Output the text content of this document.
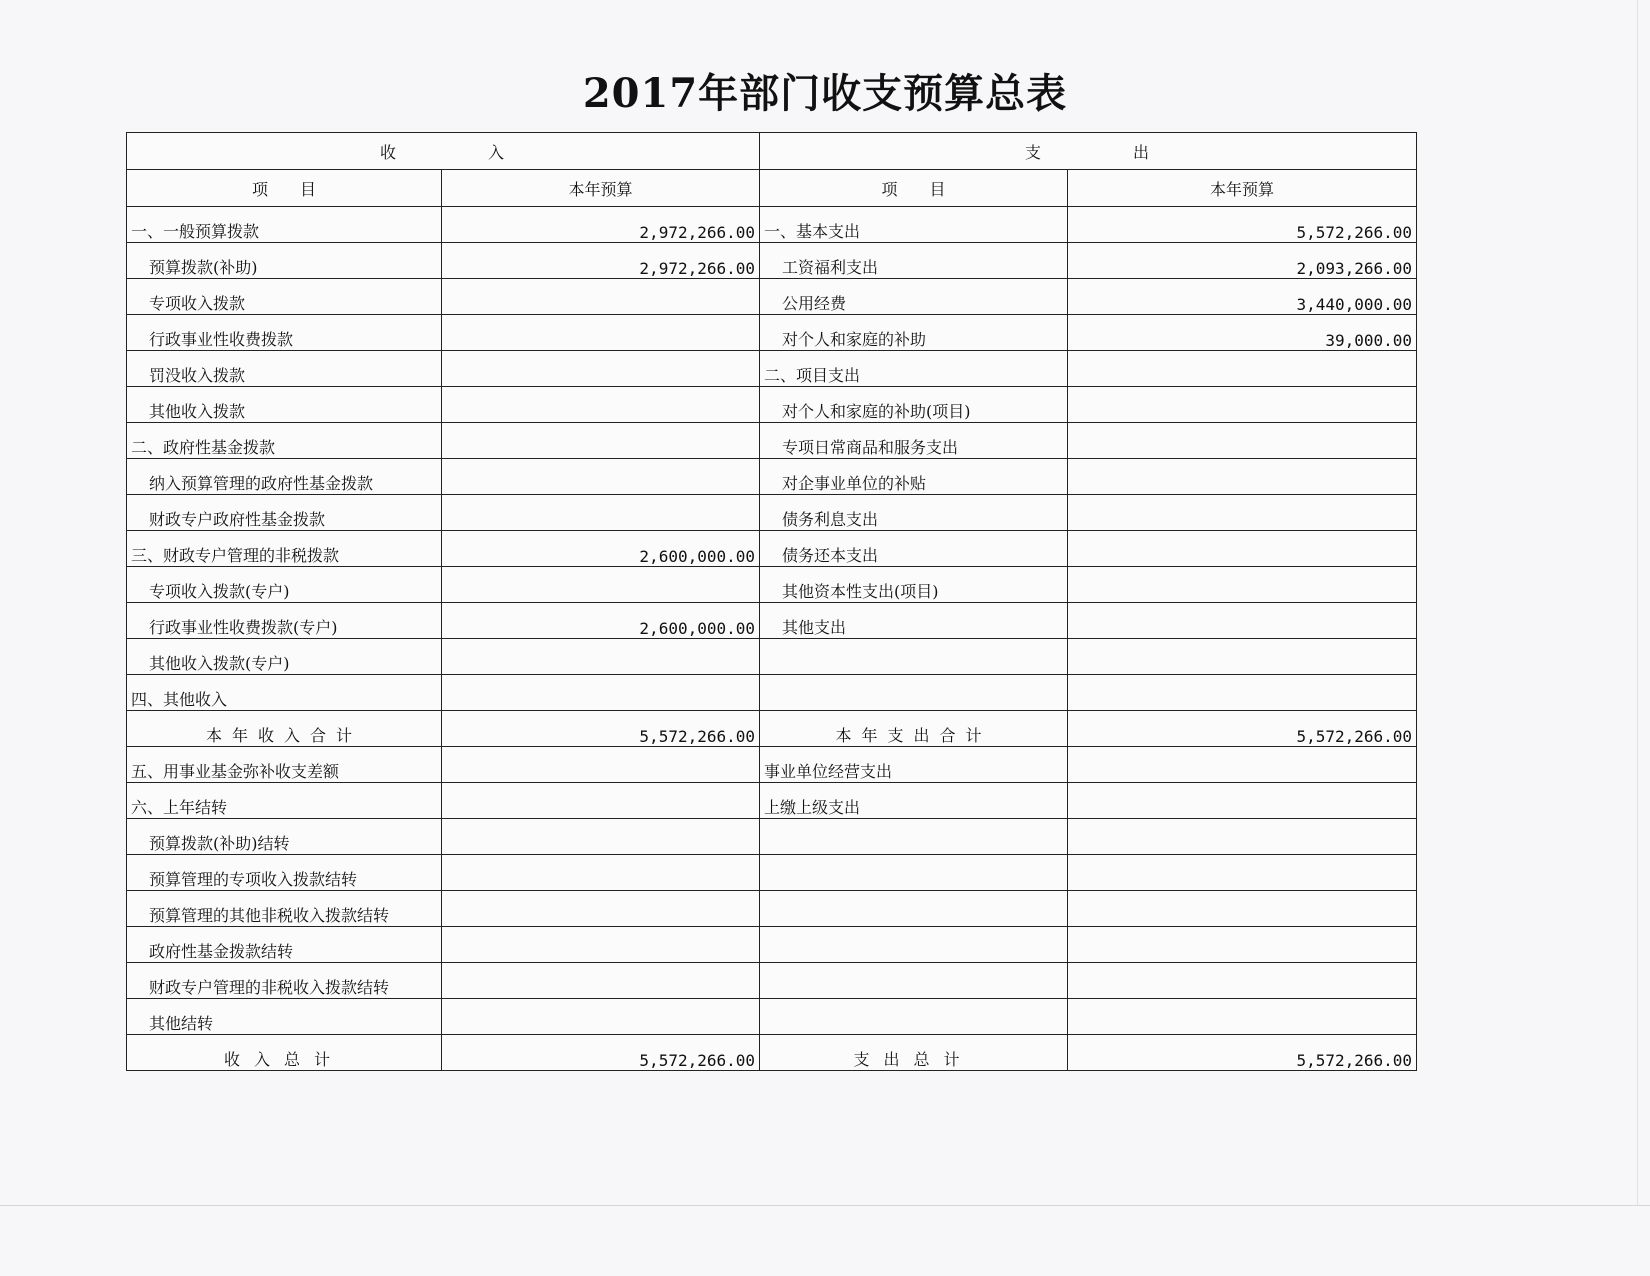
2017年部门收支预算总表
收　　　　　入		支　　　　　出	
项　　目	本年预算	项　　目	本年预算
一、一般预算拨款	2,972,266.00	一、基本支出	5,572,266.00
预算拨款(补助)	2,972,266.00	工资福利支出	2,093,266.00
专项收入拨款		公用经费	3,440,000.00
行政事业性收费拨款		对个人和家庭的补助	39,000.00
罚没收入拨款		二、项目支出	
其他收入拨款		对个人和家庭的补助(项目)	
二、政府性基金拨款		专项日常商品和服务支出	
纳入预算管理的政府性基金拨款		对企事业单位的补贴	
财政专户政府性基金拨款		债务利息支出	
三、财政专户管理的非税拨款	2,600,000.00	债务还本支出	
专项收入拨款(专户)		其他资本性支出(项目)	
行政事业性收费拨款(专户)	2,600,000.00	其他支出	
其他收入拨款(专户)			
四、其他收入			
本年收入合计	5,572,266.00	本年支出合计	5,572,266.00
五、用事业基金弥补收支差额		事业单位经营支出	
六、上年结转		上缴上级支出	
预算拨款(补助)结转			
预算管理的专项收入拨款结转			
预算管理的其他非税收入拨款结转			
政府性基金拨款结转			
财政专户管理的非税收入拨款结转			
其他结转			
收入总计	5,572,266.00	支出总计	5,572,266.00
